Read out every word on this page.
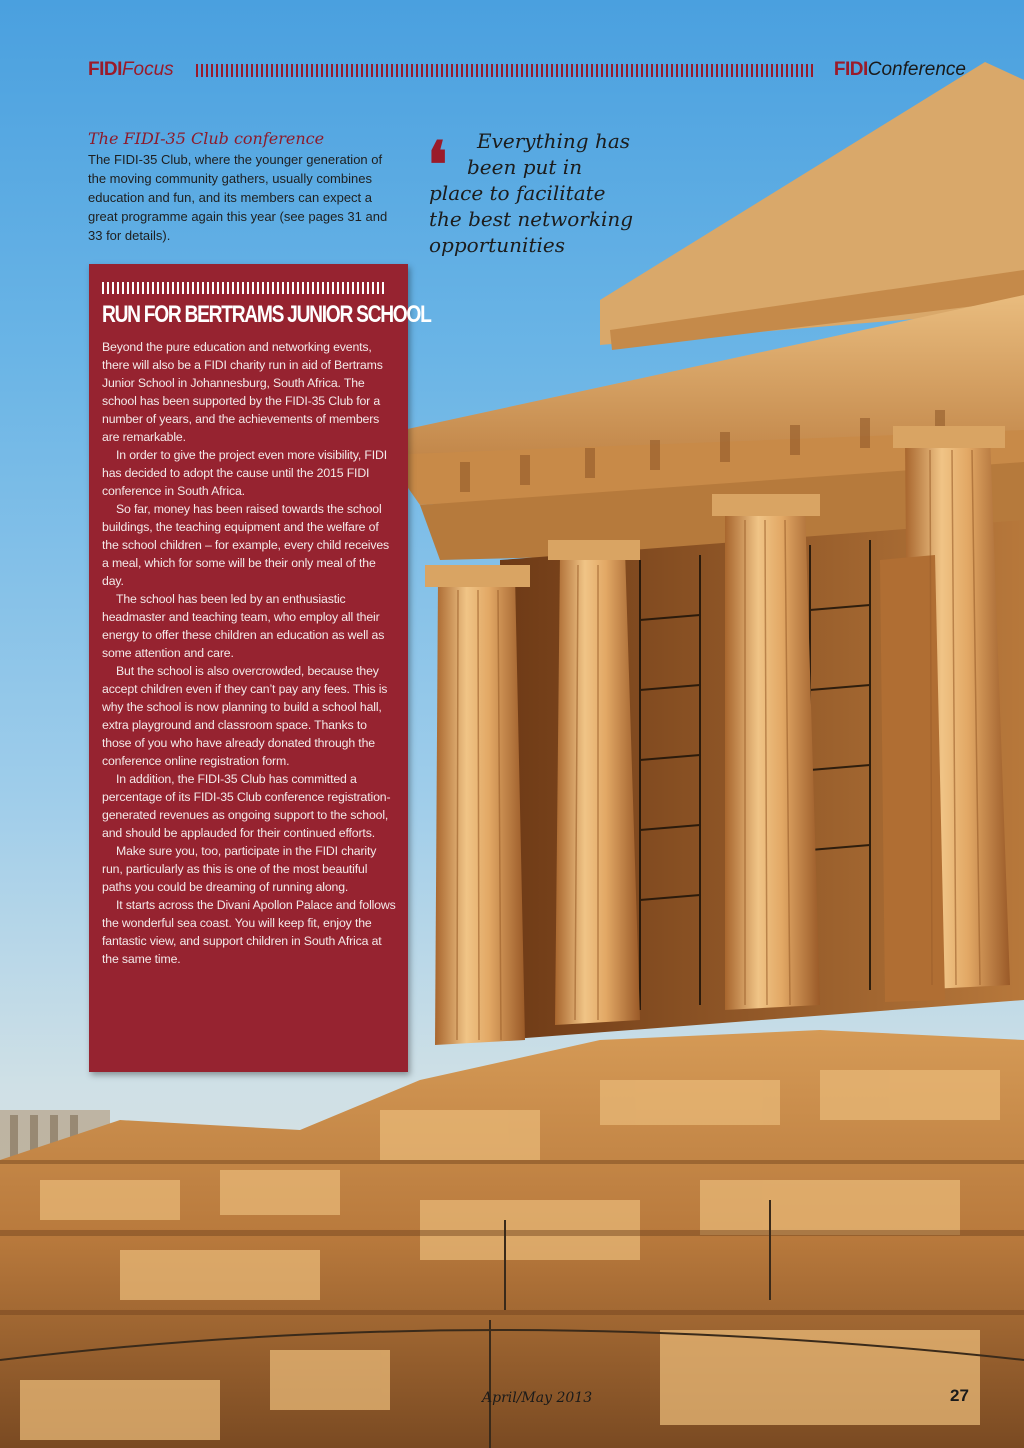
FIDIFocus	FIDIConference
The FIDI-35 Club conference

The FIDI-35 Club, where the younger generation of the moving community gathers, usually combines education and fun, and its members can expect a great programme again this year (see pages 31 and 33 for details).

❛	Everything has
been put in
place to facilitate
the best networking
opportunities
RUN FOR BERTRAMS JUNIOR SCHOOL

Beyond the pure education and networking events, there will also be a FIDI charity run in aid of Bertrams Junior School in Johannesburg, South Africa. The school has been supported by the FIDI-35 Club for a number of years, and the achievements of members are remarkable.

In order to give the project even more visibility, FIDI has decided to adopt the cause until the 2015 FIDI conference in South Africa.

So far, money has been raised towards the school buildings, the teaching equipment and the welfare of the school children – for example, every child receives a meal, which for some will be their only meal of the day.

The school has been led by an enthusiastic headmaster and teaching team, who employ all their energy to offer these children an education as well as some attention and care.

But the school is also overcrowded, because they accept children even if they can’t pay any fees. This is why the school is now planning to build a school hall, extra playground and classroom space. Thanks to those of you who have already donated through the conference online registration form.

In addition, the FIDI-35 Club has committed a percentage of its FIDI-35 Club conference registration-generated revenues as ongoing support to the school, and should be applauded for their continued efforts.

Make sure you, too, participate in the FIDI charity run, particularly as this is one of the most beautiful paths you could be dreaming of running along.

It starts across the Divani Apollon Palace and follows the wonderful sea coast. You will keep fit, enjoy the fantastic view, and support children in South Africa at the same time.

April/May 2013	27
